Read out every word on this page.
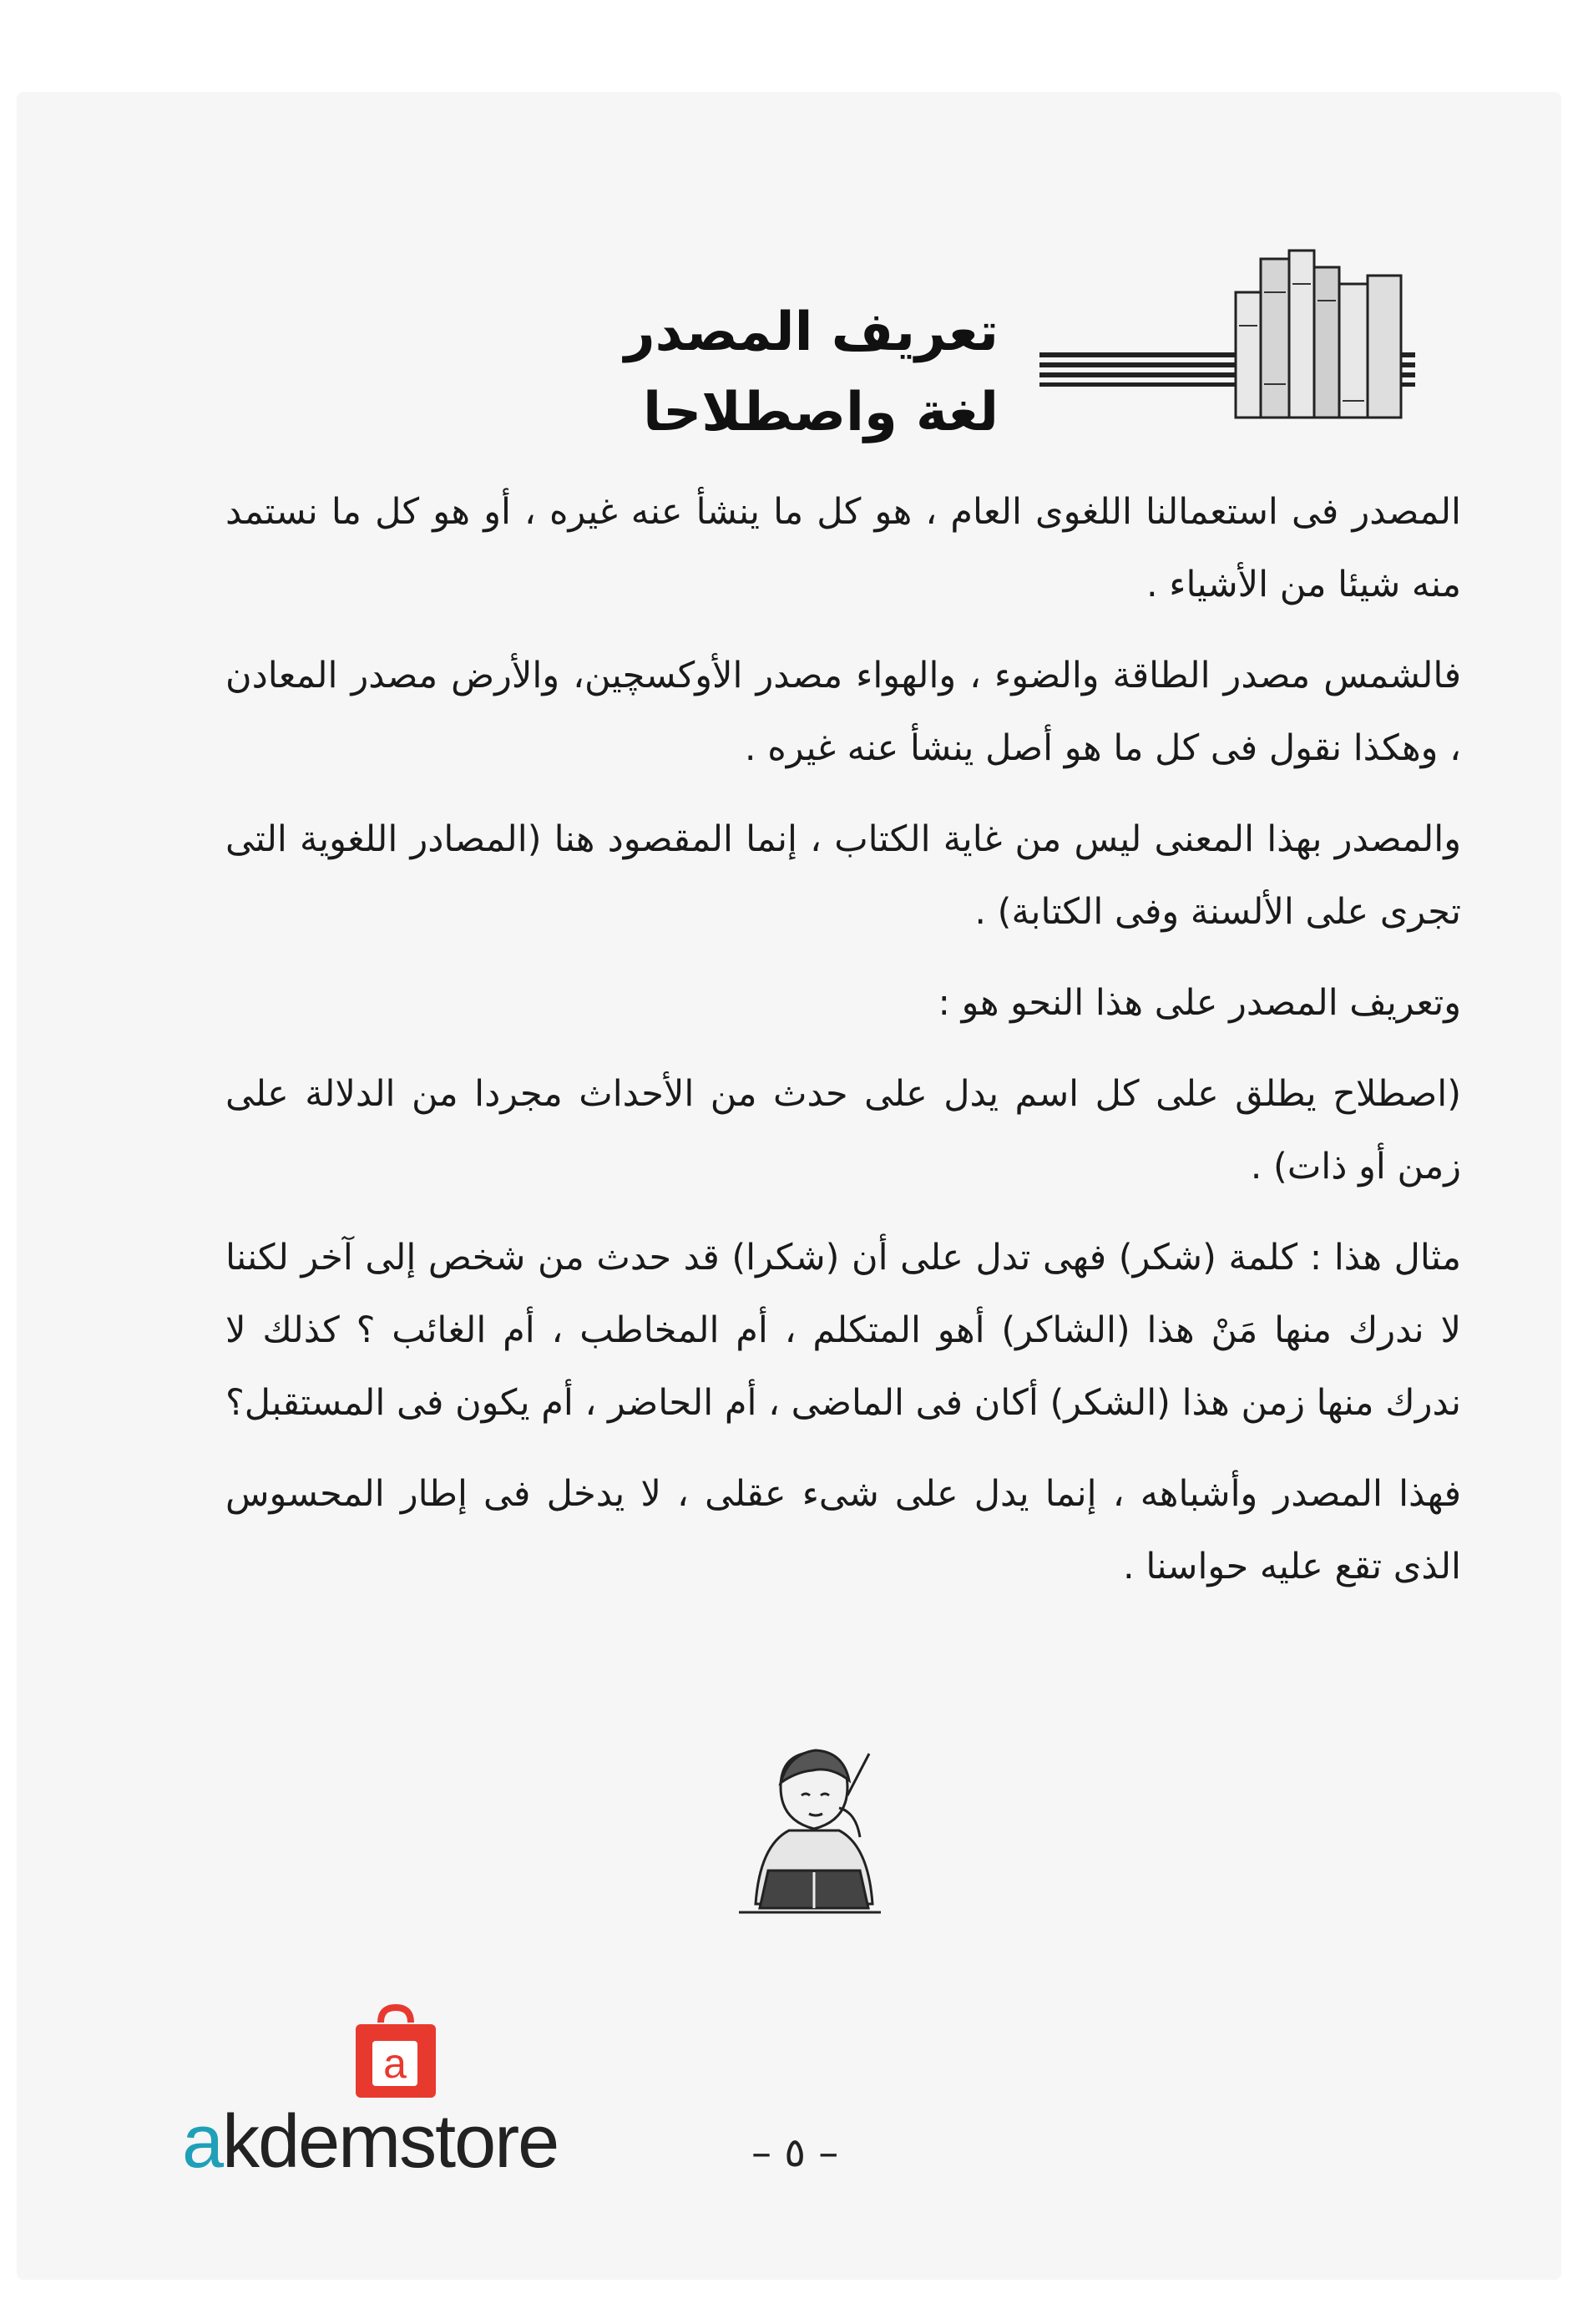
تعريف المصدر
لغة واصطلاحا

المصدر فى استعمالنا اللغوى العام ، هو كل ما ينشأ عنه غيره ، أو هو كل ما نستمد منه شيئا من الأشياء .

فالشمس مصدر الطاقة والضوء ، والهواء مصدر الأوكسچين، والأرض مصدر المعادن ، وهكذا نقول فى كل ما هو أصل ينشأ عنه غيره .

والمصدر بهذا المعنى ليس من غاية الكتاب ، إنما المقصود هنا (المصادر اللغوية التى تجرى على الألسنة وفى الكتابة) .

وتعريف المصدر على هذا النحو هو :

(اصطلاح يطلق على كل اسم يدل على حدث من الأحداث مجردا من الدلالة على زمن أو ذات) .

مثال هذا : كلمة (شكر) فهى تدل على أن (شكرا) قد حدث من شخص إلى آخر لكننا لا ندرك منها مَنْ هذا (الشاكر) أهو المتكلم ، أم المخاطب ، أم الغائب ؟ كذلك لا ندرك منها زمن هذا (الشكر) أكان فى الماضى ، أم الحاضر ، أم يكون فى المستقبل؟

فهذا المصدر وأشباهه ، إنما يدل على شىء عقلى ، لا يدخل فى إطار المحسوس الذى تقع عليه حواسنا .

a
akdemstore	– ٥ –
